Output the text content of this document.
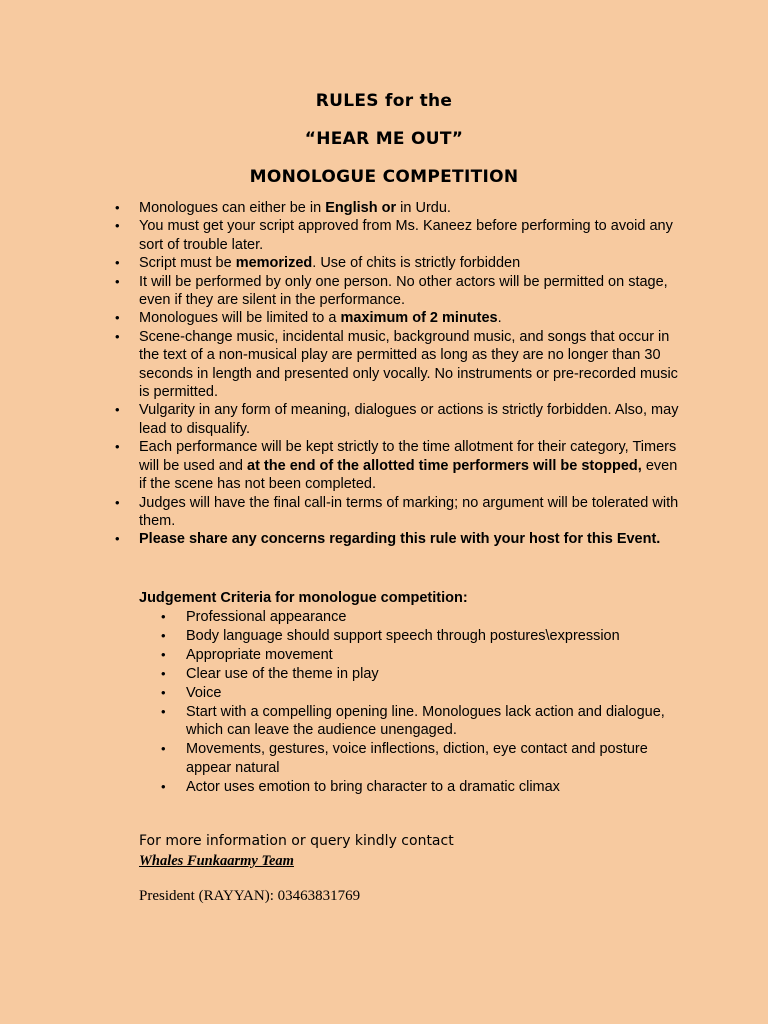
RULES for the
“HEAR ME OUT”
MONOLOGUE COMPETITION
• Monologues can either be in English or in Urdu.
• You must get your script approved from Ms. Kaneez before performing to avoid any sort of trouble later.
• Script must be memorized. Use of chits is strictly forbidden
• It will be performed by only one person. No other actors will be permitted on stage, even if they are silent in the performance.
• Monologues will be limited to a maximum of 2 minutes.
• Scene-change music, incidental music, background music, and songs that occur in the text of a non-musical play are permitted as long as they are no longer than 30 seconds in length and presented only vocally. No instruments or pre-recorded music is permitted.
• Vulgarity in any form of meaning, dialogues or actions is strictly forbidden. Also, may lead to disqualify.
• Each performance will be kept strictly to the time allotment for their category, Timers will be used and at the end of the allotted time performers will be stopped, even if the scene has not been completed.
• Judges will have the final call-in terms of marking; no argument will be tolerated with them.
• Please share any concerns regarding this rule with your host for this Event.

Judgement Criteria for monologue competition:

• Professional appearance
• Body language should support speech through postures\expression
• Appropriate movement
• Clear use of the theme in play
• Voice
• Start with a compelling opening line. Monologues lack action and dialogue, which can leave the audience unengaged.
• Movements, gestures, voice inflections, diction, eye contact and posture appear natural
• Actor uses emotion to bring character to a dramatic climax

For more information or query kindly contact

Whales Funkaarmy Team

President (RAYYAN): 03463831769
